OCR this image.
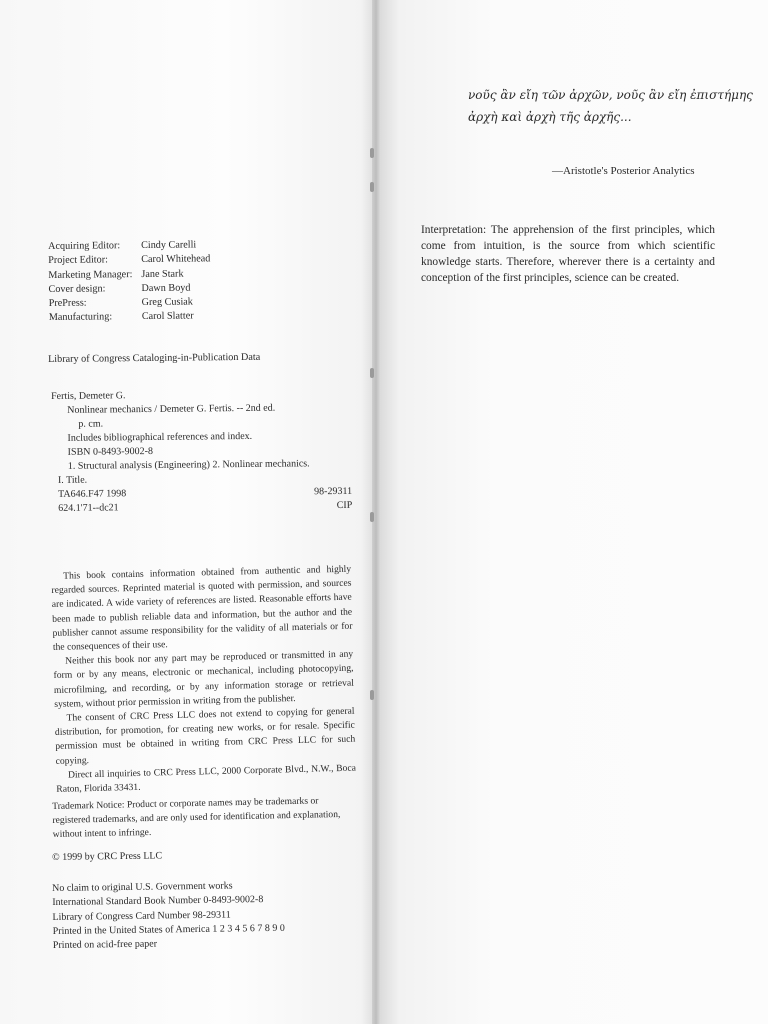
Acquiring Editor:	Cindy Carelli
Project Editor:	Carol Whitehead
Marketing Manager: Jane Stark
Cover design:	Dawn Boyd
PrePress:	Greg Cusiak
Manufacturing:	Carol Slatter
Library of Congress Cataloging-in-Publication Data
Fertis, Demeter G.
Nonlinear mechanics / Demeter G. Fertis. -- 2nd ed.
p. cm.
Includes bibliographical references and index.
ISBN 0-8493-9002-8
1. Structural analysis (Engineering) 2. Nonlinear mechanics.
I. Title.
TA646.F47 1998	98-29311
624.1'71--dc21	CIP

This book contains information obtained from authentic and highly regarded sources. Reprinted material is quoted with permission, and sources are indicated. A wide variety of references are listed. Reasonable efforts have been made to publish reliable data and information, but the author and the publisher cannot assume responsibility for the validity of all materials or for the consequences of their use.

Neither this book nor any part may be reproduced or transmitted in any form or by any means, electronic or mechanical, including photocopying, microfilming, and recording, or by any information storage or retrieval system, without prior permission in writing from the publisher.

The consent of CRC Press LLC does not extend to copying for general distribution, for promotion, for creating new works, or for resale. Specific permission must be obtained in writing from CRC Press LLC for such copying.

Direct all inquiries to CRC Press LLC, 2000 Corporate Blvd., N.W., Boca Raton, Florida 33431.

Trademark Notice: Product or corporate names may be trademarks or registered trademarks, and are only used for identification and explanation, without intent to infringe.
© 1999 by CRC Press LLC
No claim to original U.S. Government works
International Standard Book Number 0-8493-9002-8
Library of Congress Card Number 98-29311
Printed in the United States of America 1 2 3 4 5 6 7 8 9 0
Printed on acid-free paper
νοῦς ἂν εἴη τῶν ἀρχῶν, νοῦς ἂν εἴη ἐπιστήμης
ἀρχὴ καὶ ἀρχὴ τῆς ἀρχῆς...
—Aristotle's Posterior Analytics
Interpretation: The apprehension of the first principles, which come from intuition, is the source from which scientific knowledge starts. Therefore, wherever there is a certainty and conception of the first principles, science can be created.
